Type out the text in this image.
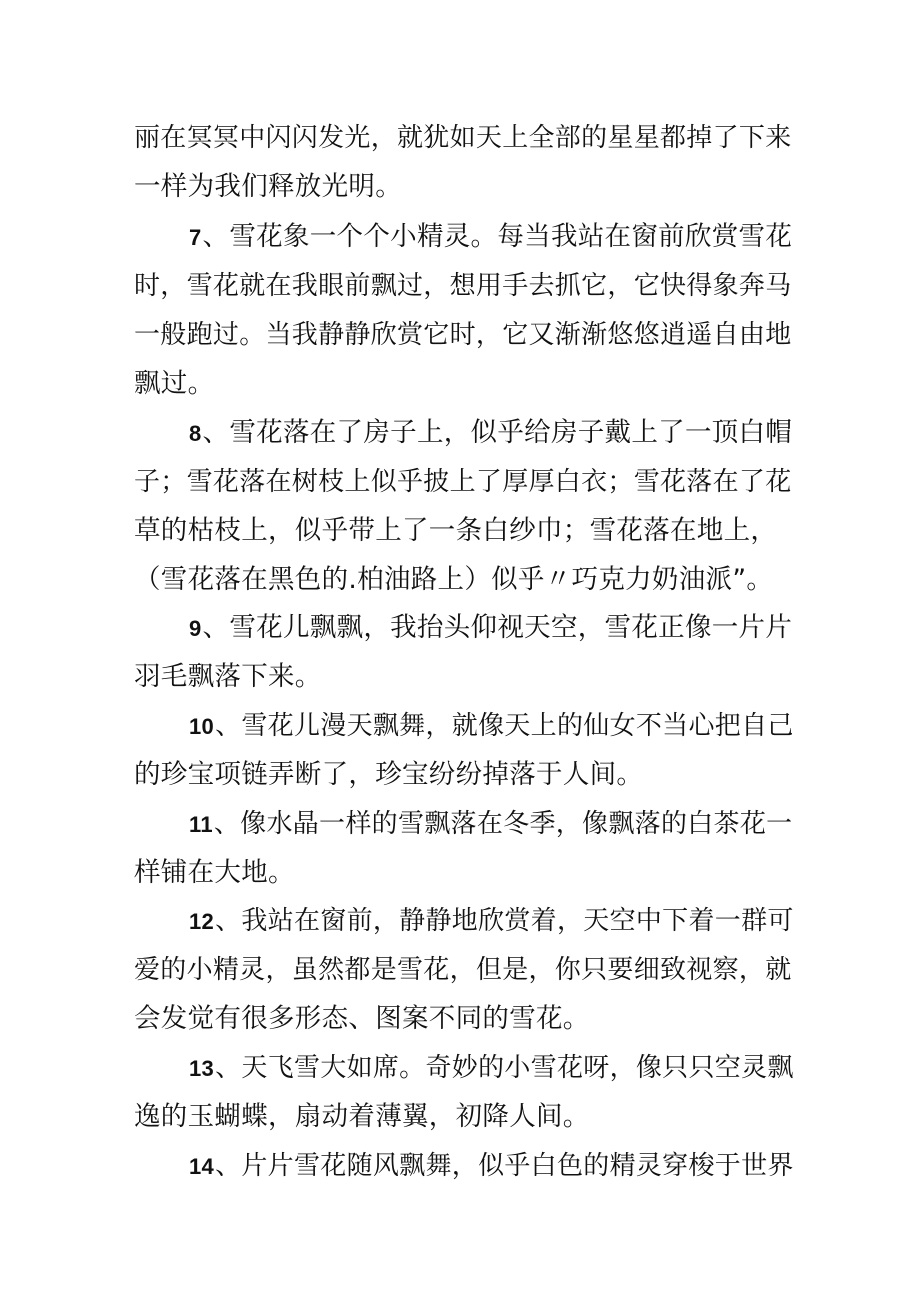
丽在冥冥中闪闪发光，就犹如天上全部的星星都掉了下来
一样为我们释放光明。
7、雪花象一个个小精灵。每当我站在窗前欣赏雪花
时，雪花就在我眼前飘过，想用手去抓它，它快得象奔马
一般跑过。当我静静欣赏它时，它又渐渐悠悠逍遥自由地
飘过。
8、雪花落在了房子上，似乎给房子戴上了一顶白帽
子；雪花落在树枝上似乎披上了厚厚白衣；雪花落在了花
草的枯枝上，似乎带上了一条白纱巾；雪花落在地上，
（雪花落在黑色的.柏油路上）似乎〃巧克力奶油派”。
9、雪花儿飘飘，我抬头仰视天空，雪花正像一片片
羽毛飘落下来。
10、雪花儿漫天飘舞，就像天上的仙女不当心把自己
的珍宝项链弄断了，珍宝纷纷掉落于人间。
11、像水晶一样的雪飘落在冬季，像飘落的白茶花一
样铺在大地。
12、我站在窗前，静静地欣赏着，天空中下着一群可
爱的小精灵，虽然都是雪花，但是，你只要细致视察，就
会发觉有很多形态、图案不同的雪花。
13、天飞雪大如席。奇妙的小雪花呀，像只只空灵飘
逸的玉蝴蝶，扇动着薄翼，初降人间。
14、片片雪花随风飘舞，似乎白色的精灵穿梭于世界
